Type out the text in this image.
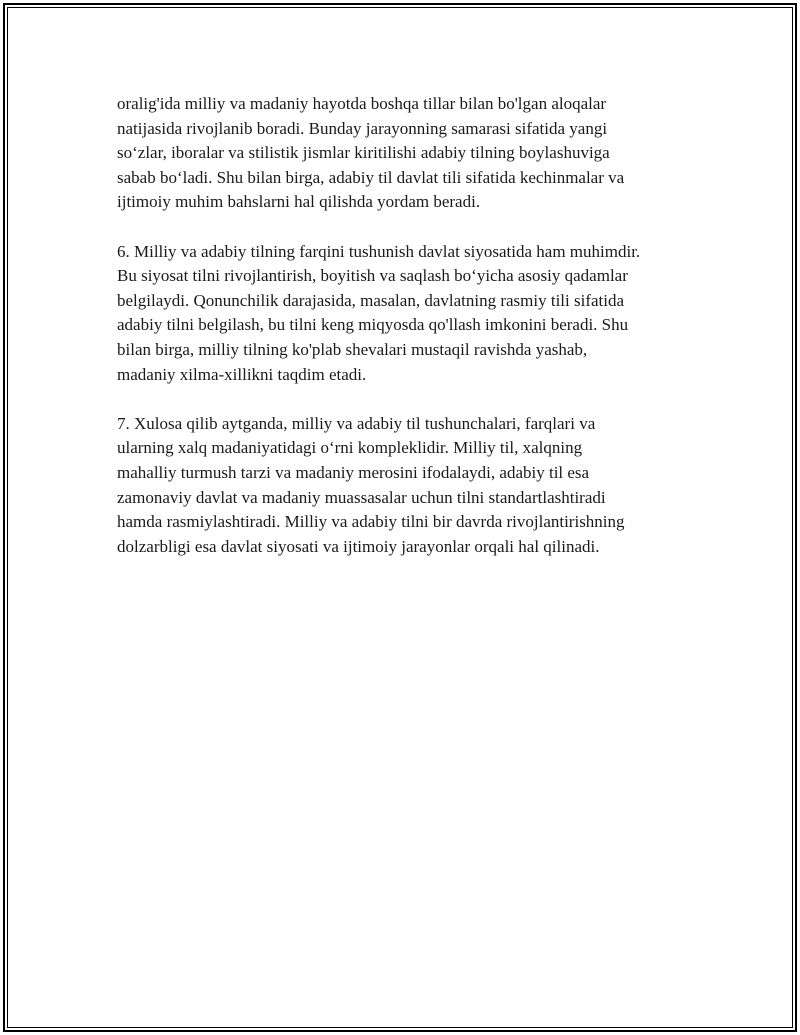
oralig'ida milliy va madaniy hayotda boshqa tillar bilan bo'lgan aloqalar
natijasida rivojlanib boradi. Bunday jarayonning samarasi sifatida yangi
so‘zlar, iboralar va stilistik jismlar kiritilishi adabiy tilning boylashuviga
sabab bo‘ladi. Shu bilan birga, adabiy til davlat tili sifatida kechinmalar va
ijtimoiy muhim bahslarni hal qilishda yordam beradi.
6. Milliy va adabiy tilning farqini tushunish davlat siyosatida ham muhimdir.
Bu siyosat tilni rivojlantirish, boyitish va saqlash bo‘yicha asosiy qadamlar
belgilaydi. Qonunchilik darajasida, masalan, davlatning rasmiy tili sifatida
adabiy tilni belgilash, bu tilni keng miqyosda qo'llash imkonini beradi. Shu
bilan birga, milliy tilning ko'plab shevalari mustaqil ravishda yashab,
madaniy xilma-xillikni taqdim etadi.
7. Xulosa qilib aytganda, milliy va adabiy til tushunchalari, farqlari va
ularning xalq madaniyatidagi o‘rni kompleklidir. Milliy til, xalqning
mahalliy turmush tarzi va madaniy merosini ifodalaydi, adabiy til esa
zamonaviy davlat va madaniy muassasalar uchun tilni standartlashtiradi
hamda rasmiylashtiradi. Milliy va adabiy tilni bir davrda rivojlantirishning
dolzarbligi esa davlat siyosati va ijtimoiy jarayonlar orqali hal qilinadi.
